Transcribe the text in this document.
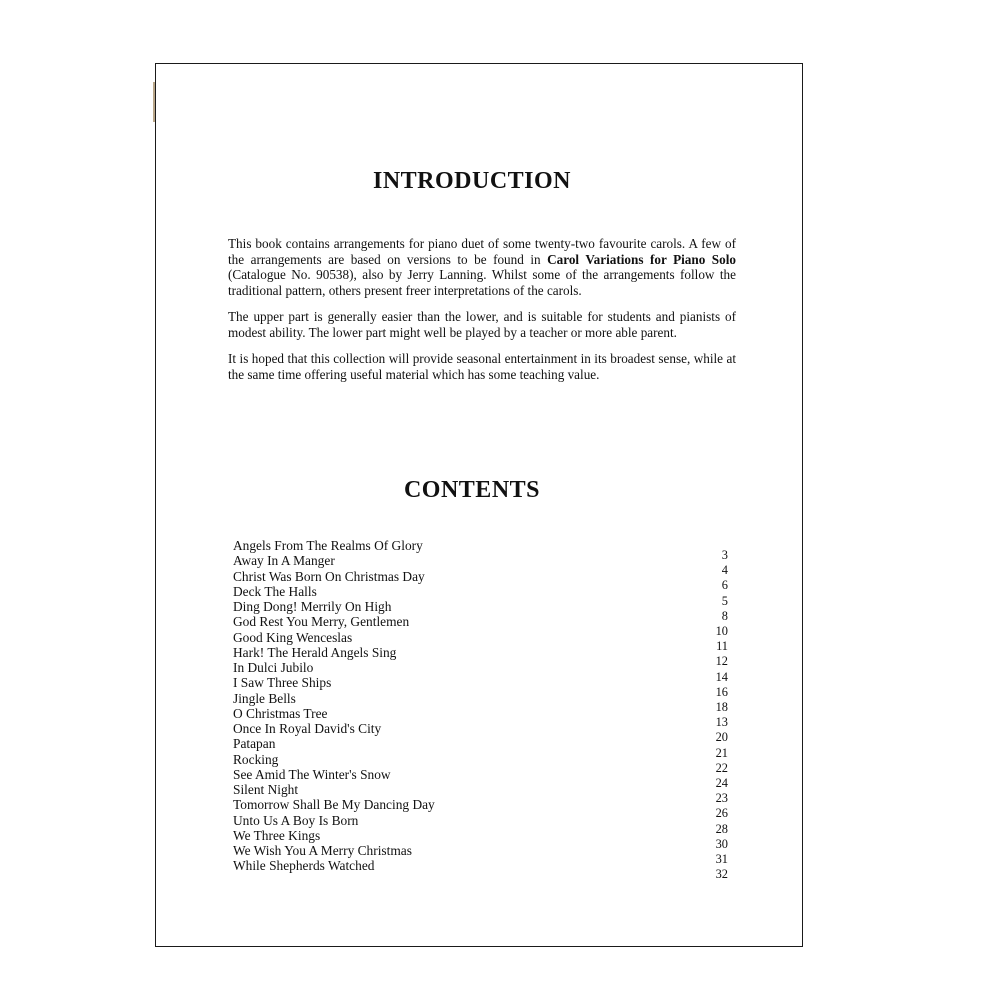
INTRODUCTION

This book contains arrangements for piano duet of some twenty-two favourite carols. A few of the arrangements are based on versions to be found in Carol Variations for Piano Solo (Catalogue No. 90538), also by Jerry Lanning. Whilst some of the arrangements follow the traditional pattern, others present freer interpretations of the carols.

The upper part is generally easier than the lower, and is suitable for students and pianists of modest ability. The lower part might well be played by a teacher or more able parent.

It is hoped that this collection will provide seasonal entertainment in its broadest sense, while at the same time offering useful material which has some teaching value.

CONTENTS
Angels From The Realms Of Glory
Away In A Manger
Christ Was Born On Christmas Day
Deck The Halls
Ding Dong! Merrily On High
God Rest You Merry, Gentlemen
Good King Wenceslas
Hark! The Herald Angels Sing
In Dulci Jubilo
I Saw Three Ships
Jingle Bells
O Christmas Tree
Once In Royal David's City
Patapan
Rocking
See Amid The Winter's Snow
Silent Night
Tomorrow Shall Be My Dancing Day
Unto Us A Boy Is Born
We Three Kings
We Wish You A Merry Christmas
While Shepherds Watched
3
4
6
5
8
10
11
12
14
16
18
13
20
21
22
24
23
26
28
30
31
32
